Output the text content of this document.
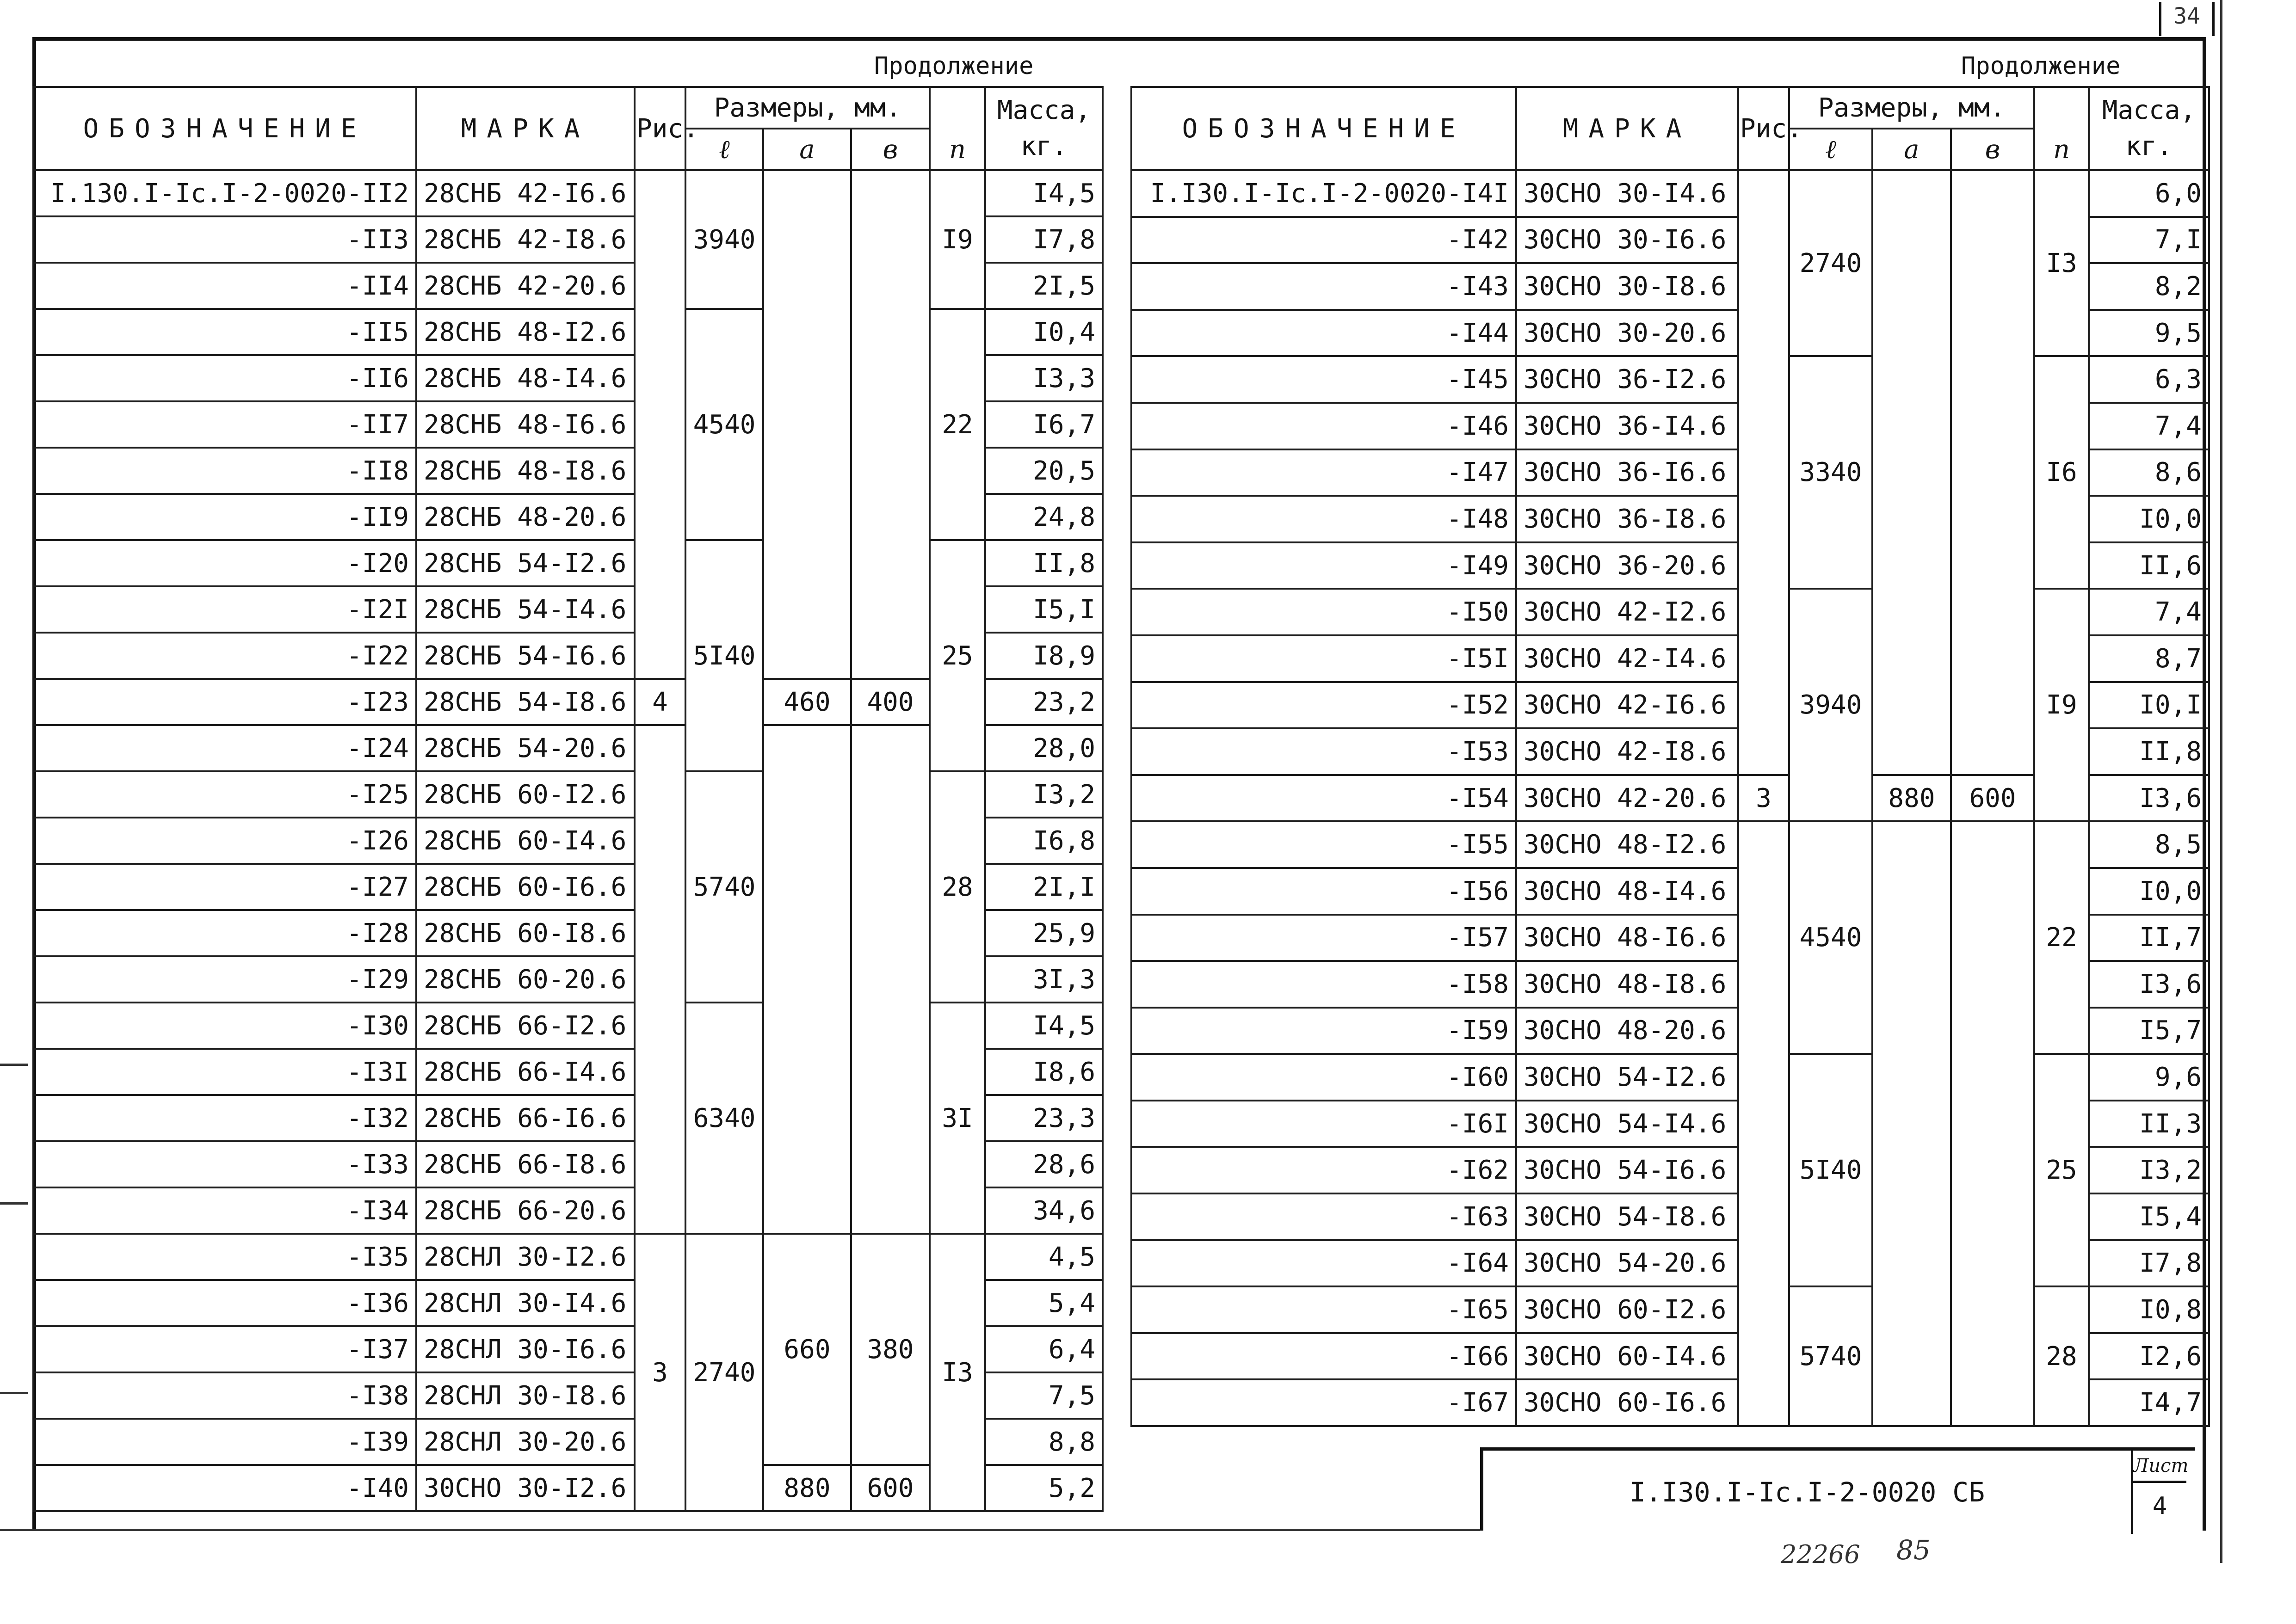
34
Продолжение	Продолжение
ОБОЗНАЧЕНИЕ	МАРКА	Рис.	Размеры, мм.			n	Масса, кг.
			ℓ	a	в		
I.130.I-Ic.I-2-0020-II2	28СНБ 42-I6.6		3940			I9	I4,5
-II3	28СНБ 42-I8.6						I7,8
-II4	28СНБ 42-20.6						2I,5
-II5	28СНБ 48-I2.6		4540			22	I0,4
-II6	28СНБ 48-I4.6						I3,3
-II7	28СНБ 48-I6.6						I6,7
-II8	28СНБ 48-I8.6						20,5
-II9	28СНБ 48-20.6						24,8
-I20	28СНБ 54-I2.6		5I40			25	II,8
-I2I	28СНБ 54-I4.6						I5,I
-I22	28СНБ 54-I6.6						I8,9
-I23	28СНБ 54-I8.6	4		460	400		23,2
-I24	28СНБ 54-20.6						28,0
-I25	28СНБ 60-I2.6		5740			28	I3,2
-I26	28СНБ 60-I4.6						I6,8
-I27	28СНБ 60-I6.6						2I,I
-I28	28СНБ 60-I8.6						25,9
-I29	28СНБ 60-20.6						3I,3
-I30	28СНБ 66-I2.6		6340			3I	I4,5
-I3I	28СНБ 66-I4.6						I8,6
-I32	28СНБ 66-I6.6						23,3
-I33	28СНБ 66-I8.6						28,6
-I34	28СНБ 66-20.6						34,6
-I35	28СНЛ 30-I2.6	3	2740	660	380	I3	4,5
-I36	28СНЛ 30-I4.6						5,4
-I37	28СНЛ 30-I6.6						6,4
-I38	28СНЛ 30-I8.6						7,5
-I39	28СНЛ 30-20.6						8,8
-I40	30СНО 30-I2.6			880	600		5,2
ОБОЗНАЧЕНИЕ	МАРКА	Рис.	Размеры, мм.			n	Масса, кг.
			ℓ	a	в		
I.I30.I-Ic.I-2-0020-I4I	30СНО 30-I4.6		2740			I3	6,0
-I42	30СНО 30-I6.6						7,I
-I43	30СНО 30-I8.6						8,2
-I44	30СНО 30-20.6						9,5
-I45	30СНО 36-I2.6		3340			I6	6,3
-I46	30СНО 36-I4.6						7,4
-I47	30СНО 36-I6.6						8,6
-I48	30СНО 36-I8.6						I0,0
-I49	30СНО 36-20.6						II,6
-I50	30СНО 42-I2.6		3940			I9	7,4
-I5I	30СНО 42-I4.6						8,7
-I52	30СНО 42-I6.6						I0,I
-I53	30СНО 42-I8.6						II,8
-I54	30СНО 42-20.6	3		880	600		I3,6
-I55	30СНО 48-I2.6		4540			22	8,5
-I56	30СНО 48-I4.6						I0,0
-I57	30СНО 48-I6.6						II,7
-I58	30СНО 48-I8.6						I3,6
-I59	30СНО 48-20.6						I5,7
-I60	30СНО 54-I2.6		5I40			25	9,6
-I6I	30СНО 54-I4.6						II,3
-I62	30СНО 54-I6.6						I3,2
-I63	30СНО 54-I8.6						I5,4
-I64	30СНО 54-20.6						I7,8
-I65	30СНО 60-I2.6		5740			28	I0,8
-I66	30СНО 60-I4.6						I2,6
-I67	30СНО 60-I6.6						I4,7
I.I30.I-Ic.I-2-0020 СБ
Лист
4
22266 85
